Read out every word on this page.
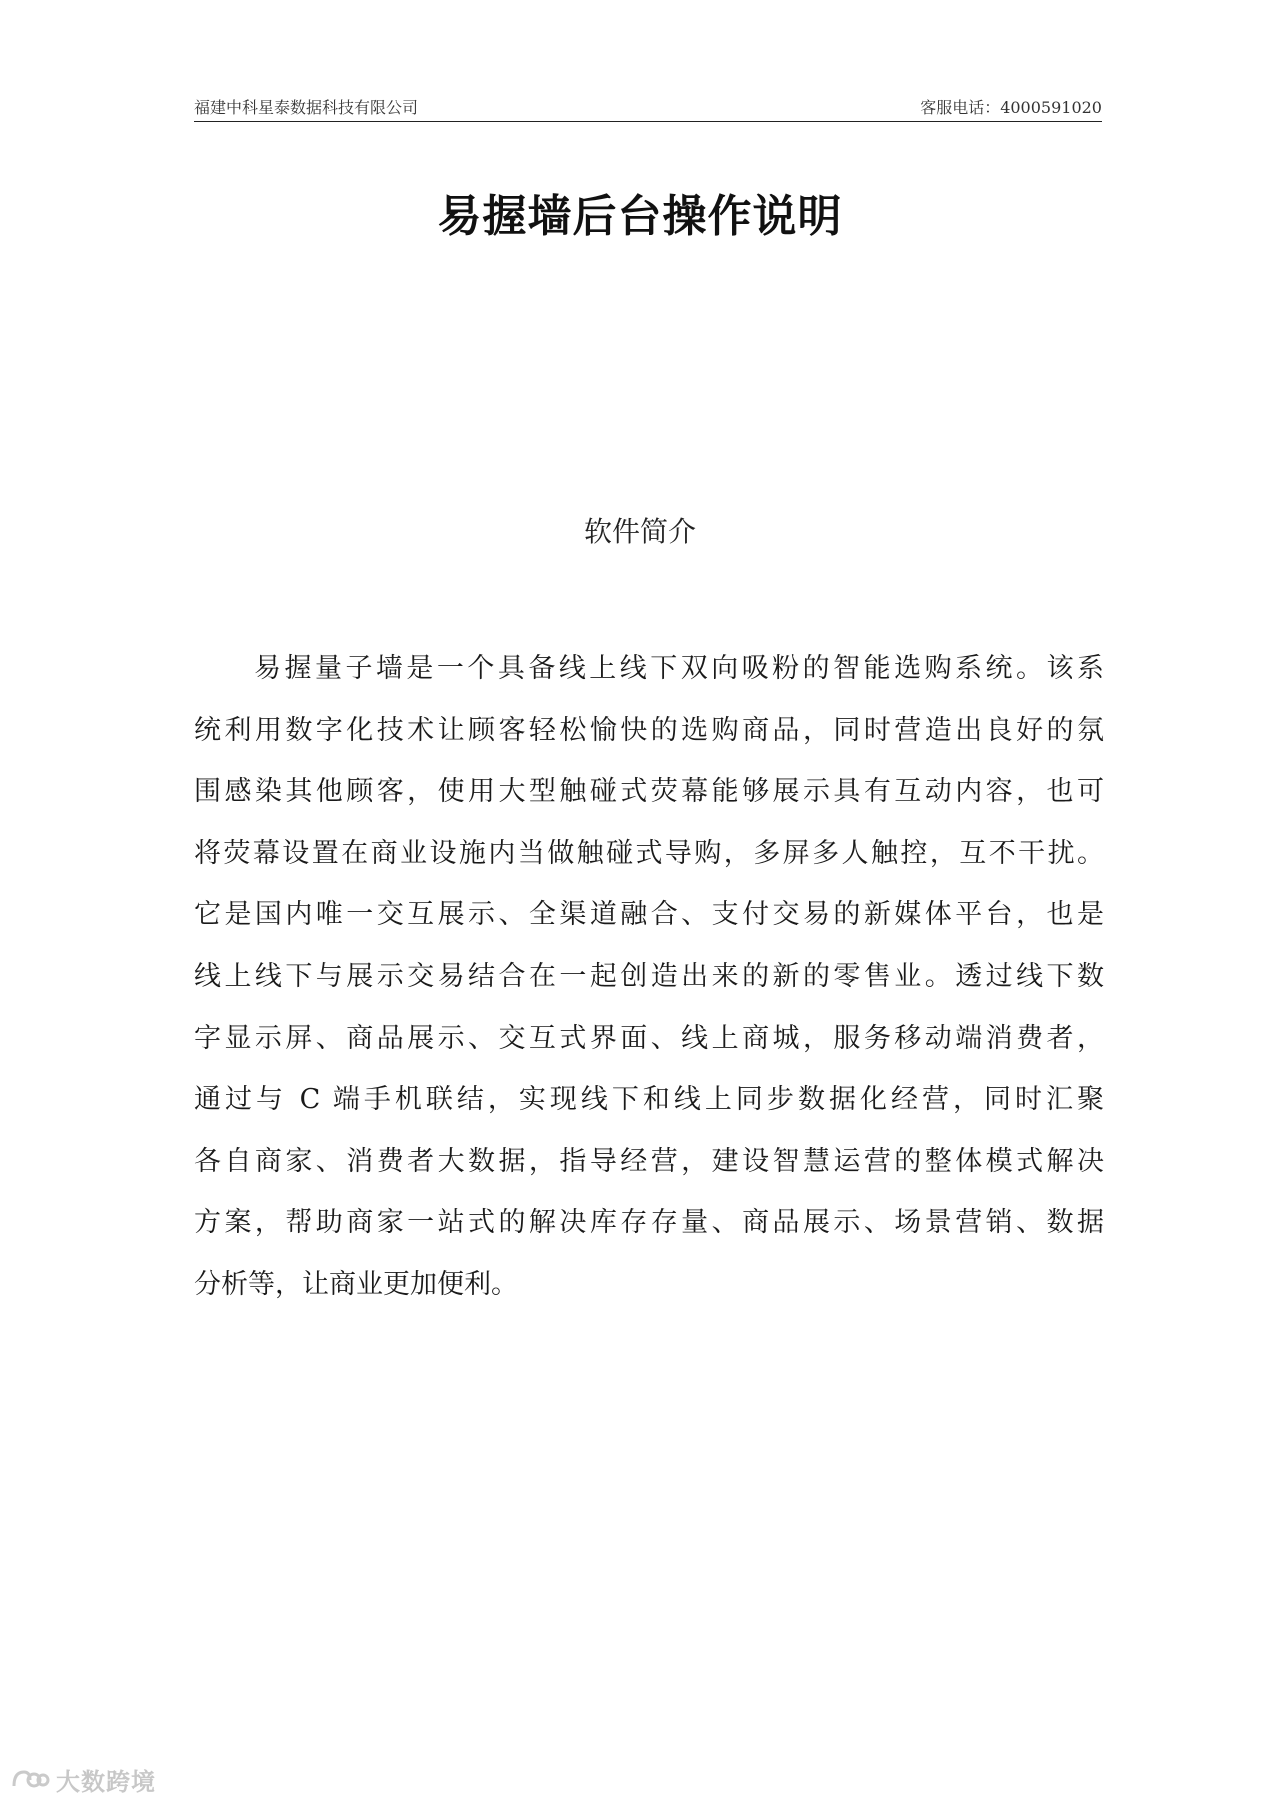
福建中科星泰数据科技有限公司	客服电话：4000591020
易握墙后台操作说明
软件简介
易握量子墙是一个具备线上线下双向吸粉的智能选购系统。该系
统利用数字化技术让顾客轻松愉快的选购商品，同时营造出良好的氛
围感染其他顾客，使用大型触碰式荧幕能够展示具有互动内容，也可
将荧幕设置在商业设施内当做触碰式导购，多屏多人触控，互不干扰。
它是国内唯一交互展示、全渠道融合、支付交易的新媒体平台，也是
线上线下与展示交易结合在一起创造出来的新的零售业。透过线下数
字显示屏、商品展示、交互式界面、线上商城，服务移动端消费者，
通过与 C 端手机联结，实现线下和线上同步数据化经营，同时汇聚
各自商家、消费者大数据，指导经营，建设智慧运营的整体模式解决
方案，帮助商家一站式的解决库存存量、商品展示、场景营销、数据
分析等，让商业更加便利。
大数跨境
